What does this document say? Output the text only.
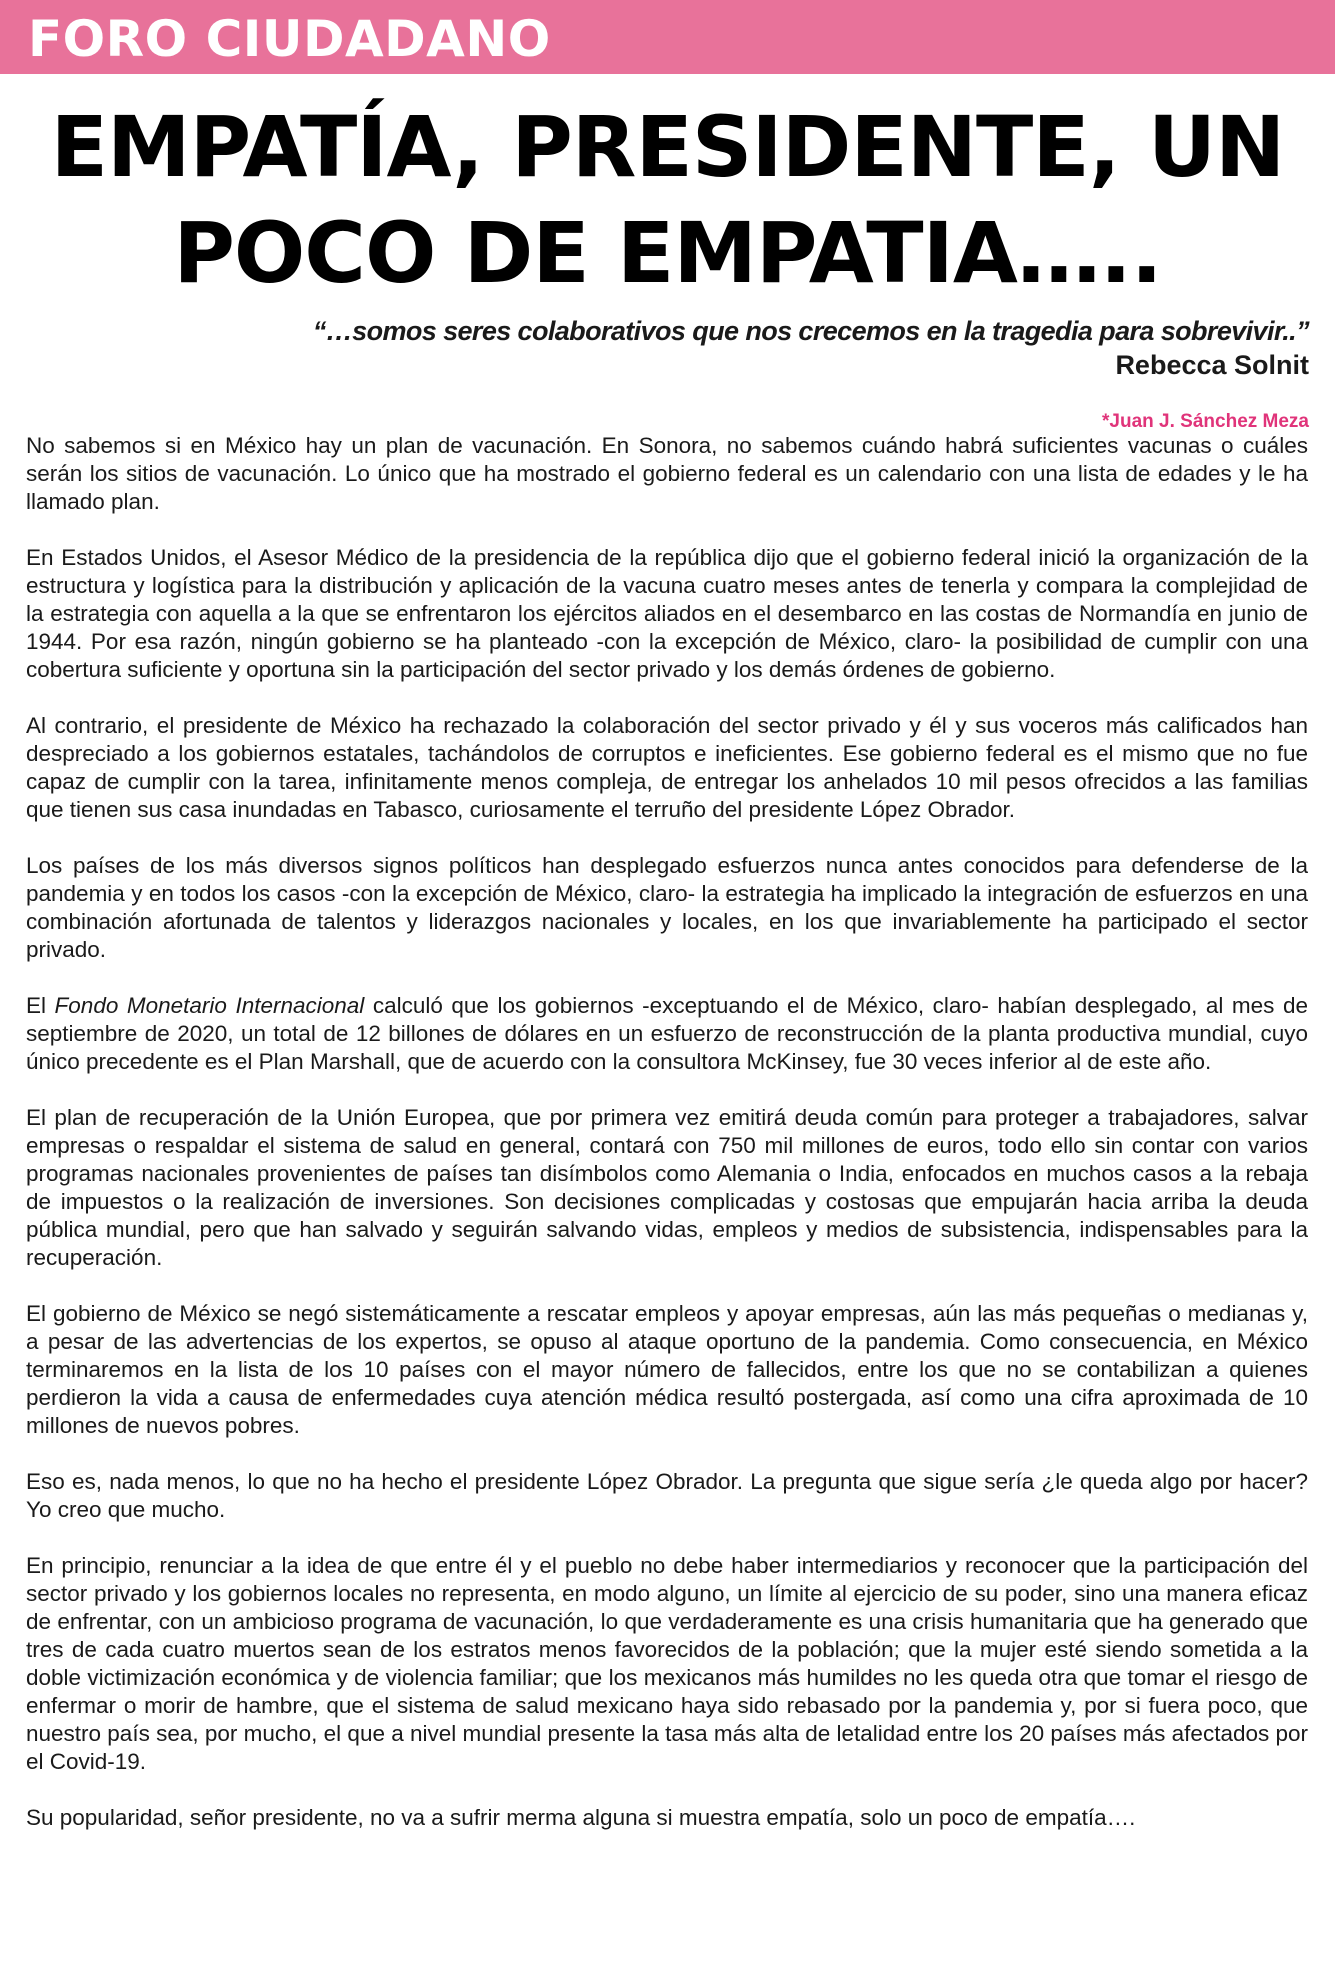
FORO CIUDADANO
EMPATÍA, PRESIDENTE, UN POCO DE EMPATIA…..
“…somos seres colaborativos que nos crecemos en la tragedia para sobrevivir..”
Rebecca Solnit
*Juan J. Sánchez Meza

No sabemos si en México hay un plan de vacunación. En Sonora, no sabemos cuándo habrá suficientes vacunas o cuáles serán los sitios de vacunación. Lo único que ha mostrado el gobierno federal es un calendario con una lista de edades y le ha llamado plan.

En Estados Unidos, el Asesor Médico de la presidencia de la república dijo que el gobierno federal inició la organización de la estructura y logística para la distribución y aplicación de la vacuna cuatro meses antes de tenerla y compara la complejidad de la estrategia con aquella a la que se enfrentaron los ejércitos aliados en el desembarco en las costas de Normandía en junio de 1944. Por esa razón, ningún gobierno se ha planteado -con la excepción de México, claro- la posibilidad de cumplir con una cobertura suficiente y oportuna sin la participación del sector privado y los demás órdenes de gobierno.

Al contrario, el presidente de México ha rechazado la colaboración del sector privado y él y sus voceros más calificados han despreciado a los gobiernos estatales, tachándolos de corruptos e ineficientes. Ese gobierno federal es el mismo que no fue capaz de cumplir con la tarea, infinitamente menos compleja, de entregar los anhelados 10 mil pesos ofrecidos a las familias que tienen sus casa inundadas en Tabasco, curiosamente el terruño del presidente López Obrador.

Los países de los más diversos signos políticos han desplegado esfuerzos nunca antes conocidos para defenderse de la pandemia y en todos los casos -con la excepción de México, claro- la estrategia ha implicado la integración de esfuerzos en una combinación afortunada de talentos y liderazgos nacionales y locales, en los que invariablemente ha participado el sector privado.

El Fondo Monetario Internacional calculó que los gobiernos -exceptuando el de México, claro- habían desplegado, al mes de septiembre de 2020, un total de 12 billones de dólares en un esfuerzo de reconstrucción de la planta productiva mundial, cuyo único precedente es el Plan Marshall, que de acuerdo con la consultora McKinsey, fue 30 veces inferior al de este año.

El plan de recuperación de la Unión Europea, que por primera vez emitirá deuda común para proteger a trabajadores, salvar empresas o respaldar el sistema de salud en general, contará con 750 mil millones de euros, todo ello sin contar con varios programas nacionales provenientes de países tan disímbolos como Alemania o India, enfocados en muchos casos a la rebaja de impuestos o la realización de inversiones. Son decisiones complicadas y costosas que empujarán hacia arriba la deuda pública mundial, pero que han salvado y seguirán salvando vidas, empleos y medios de subsistencia, indispensables para la recuperación.

El gobierno de México se negó sistemáticamente a rescatar empleos y apoyar empresas, aún las más pequeñas o medianas y, a pesar de las advertencias de los expertos, se opuso al ataque oportuno de la pandemia. Como consecuencia, en México terminaremos en la lista de los 10 países con el mayor número de fallecidos, entre los que no se contabilizan a quienes perdieron la vida a causa de enfermedades cuya atención médica resultó postergada, así como una cifra aproximada de 10 millones de nuevos pobres.

Eso es, nada menos, lo que no ha hecho el presidente López Obrador. La pregunta que sigue sería ¿le queda algo por hacer? Yo creo que mucho.

En principio, renunciar a la idea de que entre él y el pueblo no debe haber intermediarios y reconocer que la participación del sector privado y los gobiernos locales no representa, en modo alguno, un límite al ejercicio de su poder, sino una manera eficaz de enfrentar, con un ambicioso programa de vacunación, lo que verdaderamente es una crisis humanitaria que ha generado que tres de cada cuatro muertos sean de los estratos menos favorecidos de la población; que la mujer esté siendo sometida a la doble victimización económica y de violencia familiar; que los mexicanos más humildes no les queda otra que tomar el riesgo de enfermar o morir de hambre, que el sistema de salud mexicano haya sido rebasado por la pandemia y, por si fuera poco, que nuestro país sea, por mucho, el que a nivel mundial presente la tasa más alta de letalidad entre los 20 países más afectados por el Covid-19.

Su popularidad, señor presidente, no va a sufrir merma alguna si muestra empatía, solo un poco de empatía….
